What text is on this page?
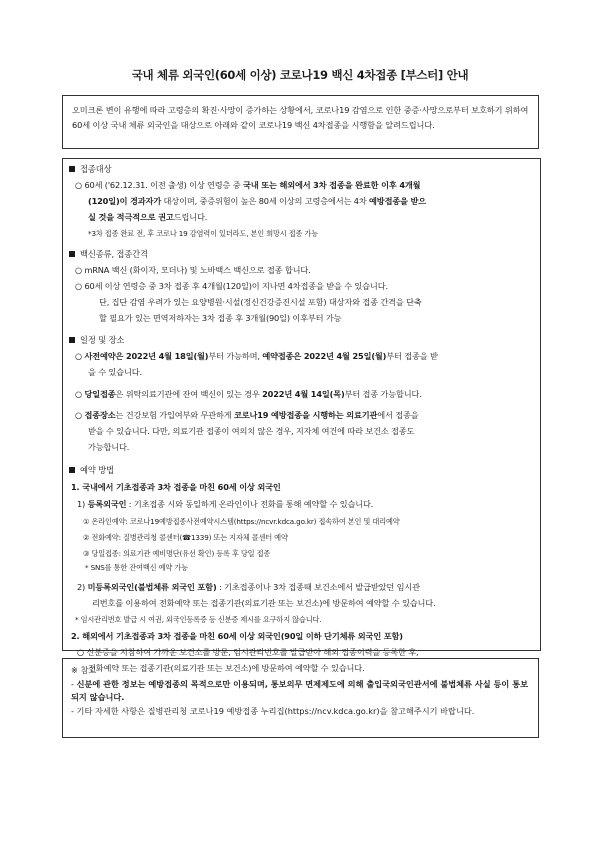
국내 체류 외국인(60세 이상) 코로나19 백신 4차접종 [부스터] 안내
오미크론 변이 유행에 따라 고령층의 확진·사망이 증가하는 상황에서, 코로나19 감염으로 인한 중증·사망으로부터 보호하기 위하여 60세 이상 국내 체류 외국인을 대상으로 아래와 같이 코로나19 백신 4차접종을 시행함을 알려드립니다.
접종대상
○ 60세 ('62.12.31. 이전 출생) 이상 연령층 중 국내 또는 해외에서 3차 접종을 완료한 이후 4개월
(120일)이 경과자가 대상이며, 중증위험이 높은 80세 이상의 고령층에서는 4차 예방접종을 받으
실 것을 적극적으로 권고드립니다.
*3차 접종 완료 전, 후 코로나 19 감염력이 있더라도, 본인 희망시 접종 가능
백신종류, 접종간격
○ mRNA 백신 (화이자, 모더나) 및 노바백스 백신으로 접종 합니다.
○ 60세 이상 연령층 중 3차 접종 후 4개월(120일)이 지나면 4차접종을 받을 수 있습니다.
단, 집단 감염 우려가 있는 요양병원·시설(정신건강증진시설 포함) 대상자와 접종 간격을 단축
할 필요가 있는 면역저하자는 3차 접종 후 3개월(90일) 이후부터 가능
일정 및 장소
○ 사전예약은 2022년 4월 18일(월)부터 가능하며, 예약접종은 2022년 4월 25일(월)부터 접종을 받
을 수 있습니다.
○ 당일접종은 위탁의료기관에 잔여 백신이 있는 경우 2022년 4월 14일(목)부터 접종 가능합니다.
○ 접종장소는 건강보험 가입여부와 무관하게 코로나19 예방접종을 시행하는 의료기관에서 접종을
받을 수 있습니다. 다만, 의료기관 접종이 여의치 않은 경우, 지자체 여건에 따라 보건소 접종도
가능합니다.
예약 방법
1. 국내에서 기초접종과 3차 접종을 마친 60세 이상 외국인
1) 등록외국인 : 기초접종 시와 동일하게 온라인이나 전화를 통해 예약할 수 있습니다.
① 온라인예약: 코로나19예방접종사전예약시스템(https://ncvr.kdca.go.kr) 접속하여 본인 및 대리예약
② 전화예약: 질병관리청 콜센터(☎1339) 또는 지자체 콜센터 예약
③ 당일접종: 의료기관 예비명단(유선 확인) 등록 후 당일 접종
* SNS를 통한 잔여백신 예약 가능
2) 미등록외국인(불법체류 외국인 포함) : 기초접종이나 3차 접종때 보건소에서 발급받았던 임시관
리번호를 이용하여 전화예약 또는 접종기관(의료기관 또는 보건소)에 방문하여 예약할 수 있습니다.
* 임시관리번호 발급 시 여권, 외국인등록증 등 신분증 제시를 요구하지 않습니다.
2. 해외에서 기초접종과 3차 접종을 마친 60세 이상 외국인(90일 이하 단기체류 외국인 포함)
○ 신분증을 지참하여 가까운 보건소를 방문, 임시관리번호를 발급받아 해외 접종이력을 등록한 후,
전화예약 또는 접종기관(의료기관 또는 보건소)에 방문하여 예약할 수 있습니다.
※ 참고
- 신분에 관한 정보는 예방접종의 목적으로만 이용되며, 통보의무 면제제도에 의해 출입국외국인관서에 불법체류 사실 등이 통보되지 않습니다.
- 기타 자세한 사항은 질병관리청 코로나19 예방접종 누리집(https://ncv.kdca.go.kr)을 참고해주시기 바랍니다.
